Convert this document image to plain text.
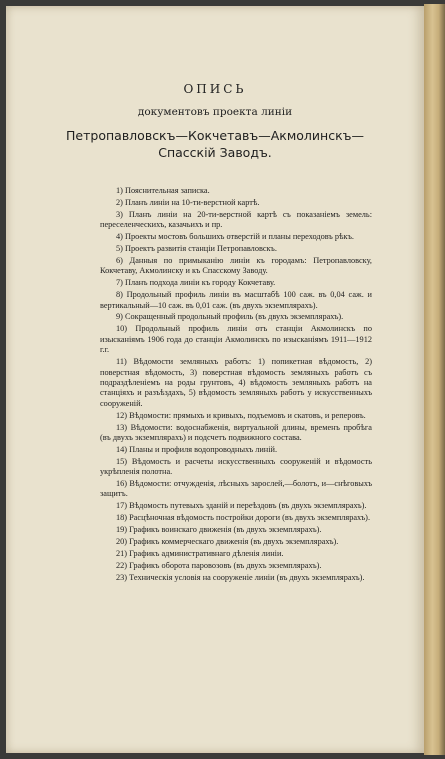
ОПИСЬ
документовъ проекта линіи
Петропавловскъ—Кокчетавъ—Акмолинскъ—
Спасскій Заводъ.

1) Пояснительная записка.

2) Планъ линіи на 10-ти-верстной картѣ.

3) Планъ линіи на 20-ти-верстной картѣ съ показаніемъ земель: переселенческихъ, казачьихъ и пр.

4) Проекты мостовъ большихъ отверстій и планы переходовъ рѣкъ.

5) Проектъ развитія станціи Петропавловскъ.

6) Данныя по примыканію линіи къ городамъ: Петропавловску, Кокчетаву, Акмолинску и къ Спасскому Заводу.

7) Планъ подхода линіи къ городу Кокчетаву.

8) Продольный профиль линіи въ масштабѣ 100 саж. въ 0,04 саж. и вертикальный—10 саж. въ 0,01 саж. (въ двухъ экземплярахъ).

9) Сокращенный продольный профиль (въ двухъ экземплярахъ).

10) Продольный профиль линіи отъ станціи Акмолинскъ по изысканіямъ 1906 года до станціи Акмолинскъ по изысканіямъ 1911—1912 г.г.

11) Вѣдомости земляныхъ работъ: 1) попикетная вѣдомость, 2) поверстная вѣдомость, 3) поверстная вѣдомость земляныхъ работъ съ подраздѣленіемъ на роды грунтовъ, 4) вѣдомость земляныхъ работъ на станціяхъ и разъѣздахъ, 5) вѣдомость земляныхъ работъ у искусственныхъ сооруженій.

12) Вѣдомости: прямыхъ и кривыхъ, подъемовъ и скатовъ, и реперовъ.

13) Вѣдомости: водоснабженія, виртуальной длины, временъ пробѣга (въ двухъ экземплярахъ) и подсчетъ подвижного состава.

14) Планы и профиля водопроводныхъ линій.

15) Вѣдомость и расчеты искусственныхъ сооруженій и вѣдомость укрѣпленія полотна.

16) Вѣдомости: отчужденія, лѣсныхъ зарослей,—болотъ, и—снѣговыхъ защитъ.

17) Вѣдомость путевыхъ зданій и переѣздовъ (въ двухъ экземплярахъ).

18) Расцѣночная вѣдомость постройки дороги (въ двухъ экземплярахъ).

19) Графикъ воинскаго движенія (въ двухъ экземплярахъ).

20) Графикъ коммерческаго движенія (въ двухъ экземплярахъ).

21) Графикъ административнаго дѣленія линіи.

22) Графикъ оборота паровозовъ (въ двухъ экземплярахъ).

23) Техническія условія на сооруженіе линіи (въ двухъ экземплярахъ).
